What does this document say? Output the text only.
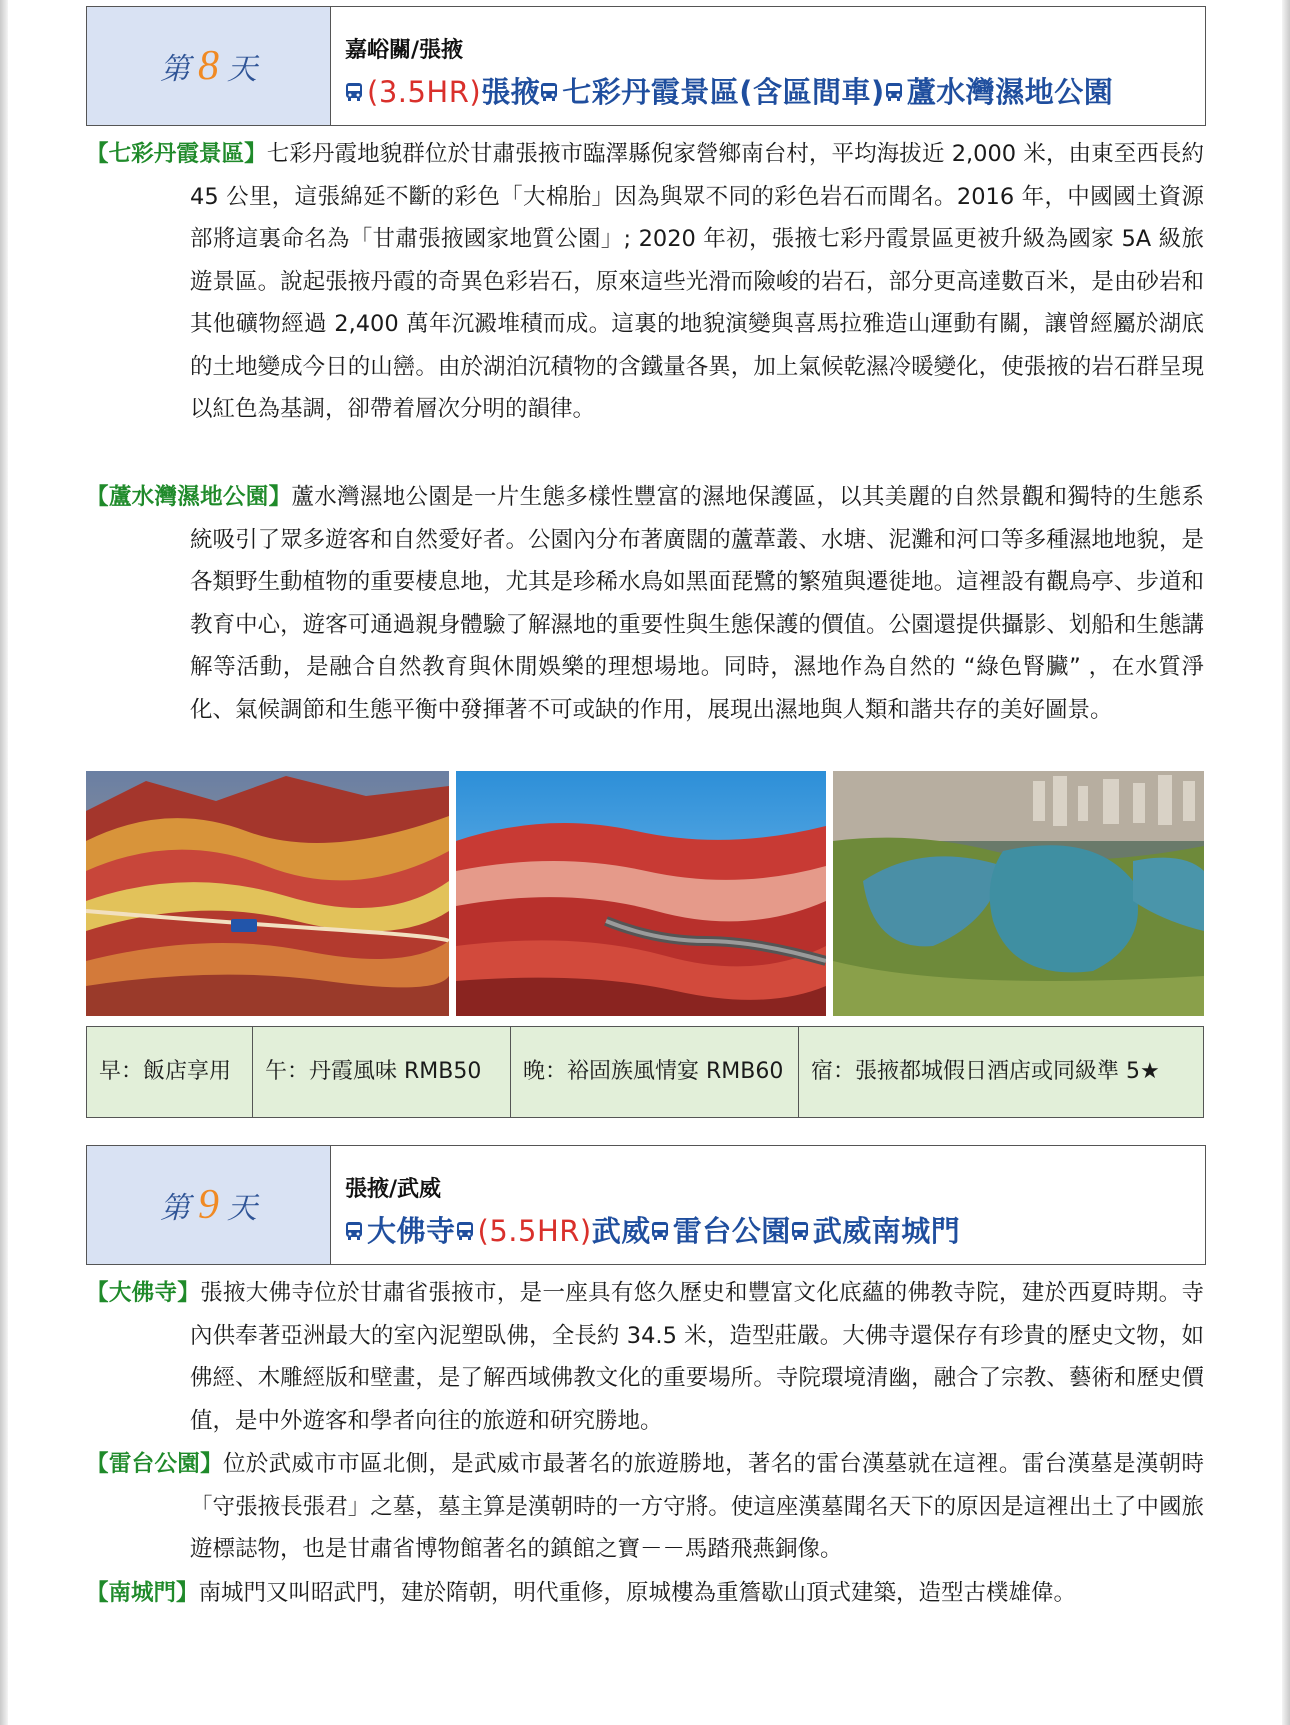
第 8 天
嘉峪關/張掖
(3.5HR)張掖 七彩丹霞景區(含區間車) 蘆水灣濕地公園
【七彩丹霞景區】七彩丹霞地貌群位於甘肅張掖市臨澤縣倪家營鄉南台村，平均海拔近 2,000 米，由東至西長約 45 公里，這張綿延不斷的彩色「大棉胎」因為與眾不同的彩色岩石而聞名。2016 年，中國國土資源部將這裏命名為「甘肅張掖國家地質公園」; 2020 年初，張掖七彩丹霞景區更被升級為國家 5A 級旅遊景區。說起張掖丹霞的奇異色彩岩石，原來這些光滑而險峻的岩石，部分更高達數百米，是由砂岩和其他礦物經過 2,400 萬年沉澱堆積而成。這裏的地貌演變與喜馬拉雅造山運動有關，讓曾經屬於湖底的土地變成今日的山巒。由於湖泊沉積物的含鐵量各異，加上氣候乾濕冷暖變化，使張掖的岩石群呈現以紅色為基調，卻帶着層次分明的韻律。
【蘆水灣濕地公園】蘆水灣濕地公園是一片生態多樣性豐富的濕地保護區，以其美麗的自然景觀和獨特的生態系統吸引了眾多遊客和自然愛好者。公園內分布著廣闊的蘆葦叢、水塘、泥灘和河口等多種濕地地貌，是各類野生動植物的重要棲息地，尤其是珍稀水鳥如黑面琵鷺的繁殖與遷徙地。這裡設有觀鳥亭、步道和教育中心，遊客可通過親身體驗了解濕地的重要性與生態保護的價值。公園還提供攝影、划船和生態講解等活動，是融合自然教育與休閒娛樂的理想場地。同時，濕地作為自然的 “綠色腎臟” ，在水質淨化、氣候調節和生態平衡中發揮著不可或缺的作用，展現出濕地與人類和諧共存的美好圖景。
早：飯店享用	午：丹霞風味 RMB50	晚：裕固族風情宴 RMB60	宿：張掖都城假日酒店或同級準 5★
第 9 天
張掖/武威
大佛寺 (5.5HR)武威 雷台公園 武威南城門
【大佛寺】張掖大佛寺位於甘肅省張掖市，是一座具有悠久歷史和豐富文化底蘊的佛教寺院，建於西夏時期。寺內供奉著亞洲最大的室內泥塑臥佛，全長約 34.5 米，造型莊嚴。大佛寺還保存有珍貴的歷史文物，如佛經、木雕經版和壁畫，是了解西域佛教文化的重要場所。寺院環境清幽，融合了宗教、藝術和歷史價值，是中外遊客和學者向往的旅遊和研究勝地。
【雷台公園】位於武威市市區北側，是武威市最著名的旅遊勝地，著名的雷台漢墓就在這裡。雷台漢墓是漢朝時「守張掖長張君」之墓，墓主算是漢朝時的一方守將。使這座漢墓聞名天下的原因是這裡出土了中國旅遊標誌物，也是甘肅省博物館著名的鎮館之寶－－馬踏飛燕銅像。
【南城門】南城門又叫昭武門，建於隋朝，明代重修，原城樓為重簷歇山頂式建築，造型古樸雄偉。
